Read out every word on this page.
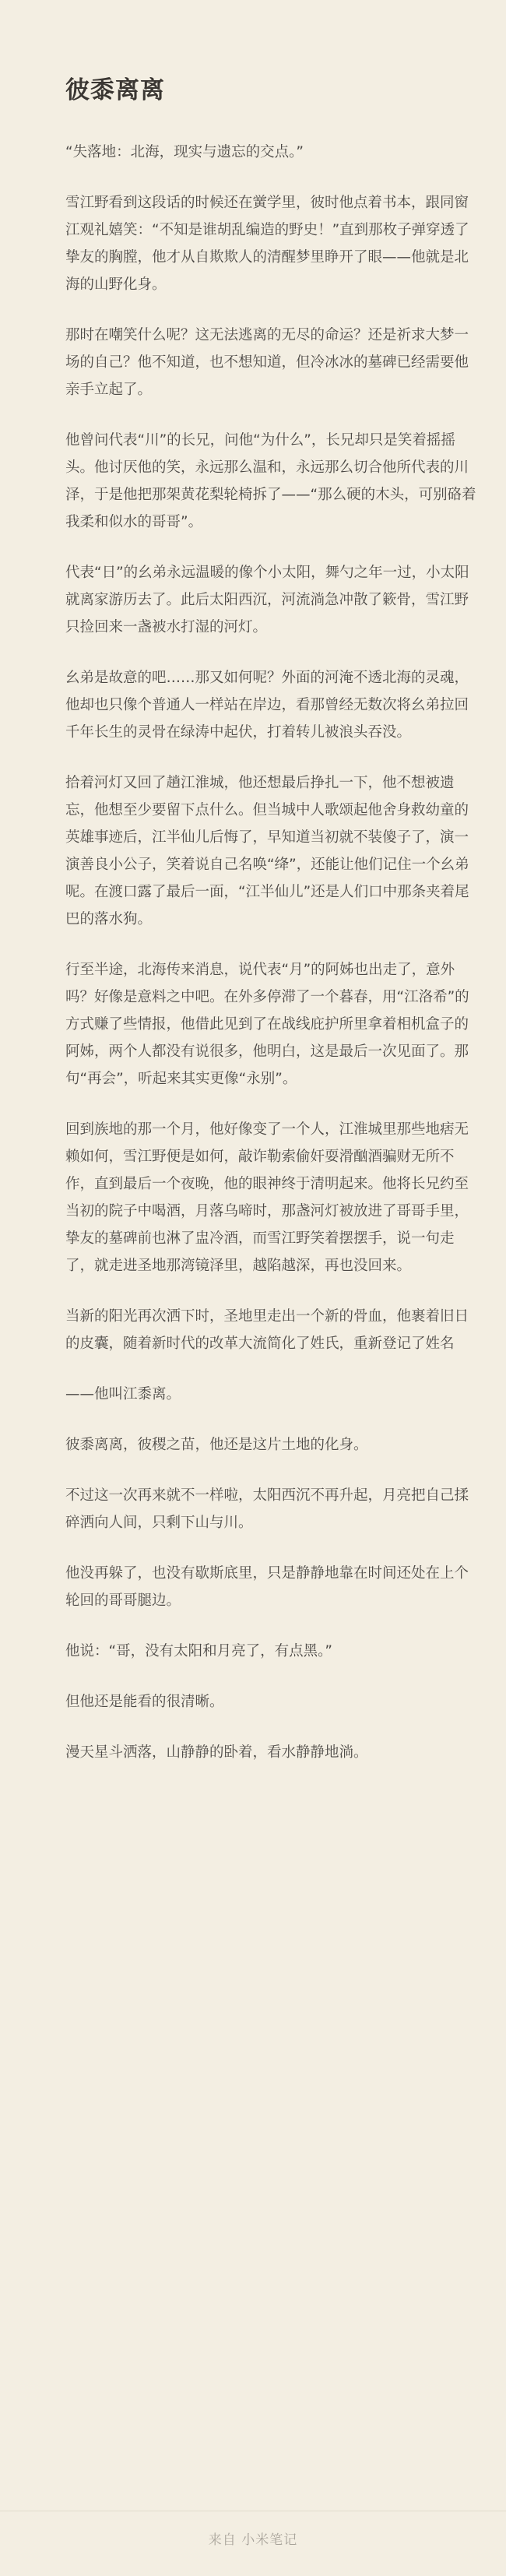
彼黍离离

“失落地：北海，现实与遗忘的交点。”

雪江野看到这段话的时候还在黉学里，彼时他点着书本，跟同窗江观礼嬉笑：“不知是谁胡乱编造的野史！”直到那枚子弹穿透了挚友的胸膛，他才从自欺欺人的清醒梦里睁开了眼——他就是北海的山野化身。

那时在嘲笑什么呢？这无法逃离的无尽的命运？还是祈求大梦一场的自己？他不知道，也不想知道，但冷冰冰的墓碑已经需要他亲手立起了。

他曾问代表“川”的长兄，问他“为什么”，长兄却只是笑着摇摇头。他讨厌他的笑，永远那么温和，永远那么切合他所代表的川泽，于是他把那架黄花梨轮椅拆了——“那么硬的木头，可别硌着我柔和似水的哥哥”。

代表“日”的幺弟永远温暖的像个小太阳，舞勺之年一过，小太阳就离家游历去了。此后太阳西沉，河流淌急冲散了簌骨，雪江野只捡回来一盏被水打湿的河灯。

幺弟是故意的吧……那又如何呢？外面的河淹不透北海的灵魂，他却也只像个普通人一样站在岸边，看那曾经无数次将幺弟拉回千年长生的灵骨在绿涛中起伏，打着转儿被浪头吞没。

拾着河灯又回了趟江淮城，他还想最后挣扎一下，他不想被遗忘，他想至少要留下点什么。但当城中人歌颂起他舍身救幼童的英雄事迹后，江半仙儿后悔了，早知道当初就不装傻子了，演一演善良小公子，笑着说自己名唤“绛”，还能让他们记住一个幺弟呢。在渡口露了最后一面，“江半仙儿”还是人们口中那条夹着尾巴的落水狗。

行至半途，北海传来消息，说代表“月”的阿姊也出走了，意外吗？好像是意料之中吧。在外多停滞了一个暮春，用“江洛希”的方式赚了些情报，他借此见到了在战线庇护所里拿着相机盒子的阿姊，两个人都没有说很多，他明白，这是最后一次见面了。那句“再会”，听起来其实更像“永别”。

回到族地的那一个月，他好像变了一个人，江淮城里那些地痞无赖如何，雪江野便是如何，敲诈勒索偷奸耍滑酗酒骗财无所不作，直到最后一个夜晚，他的眼神终于清明起来。他将长兄约至当初的院子中喝酒，月落乌啼时，那盏河灯被放进了哥哥手里，挚友的墓碑前也淋了盅冷酒，而雪江野笑着摆摆手，说一句走了，就走进圣地那湾镜泽里，越陷越深，再也没回来。

当新的阳光再次洒下时，圣地里走出一个新的骨血，他裹着旧日的皮囊，随着新时代的改革大流简化了姓氏，重新登记了姓名

——他叫江黍离。

彼黍离离，彼稷之苗，他还是这片土地的化身。

不过这一次再来就不一样啦，太阳西沉不再升起，月亮把自己揉碎洒向人间，只剩下山与川。

他没再躲了，也没有歇斯底里，只是静静地靠在时间还处在上个轮回的哥哥腿边。

他说：“哥，没有太阳和月亮了，有点黑。”

但他还是能看的很清晰。

漫天星斗洒落，山静静的卧着，看水静静地淌。

来自 小米笔记
